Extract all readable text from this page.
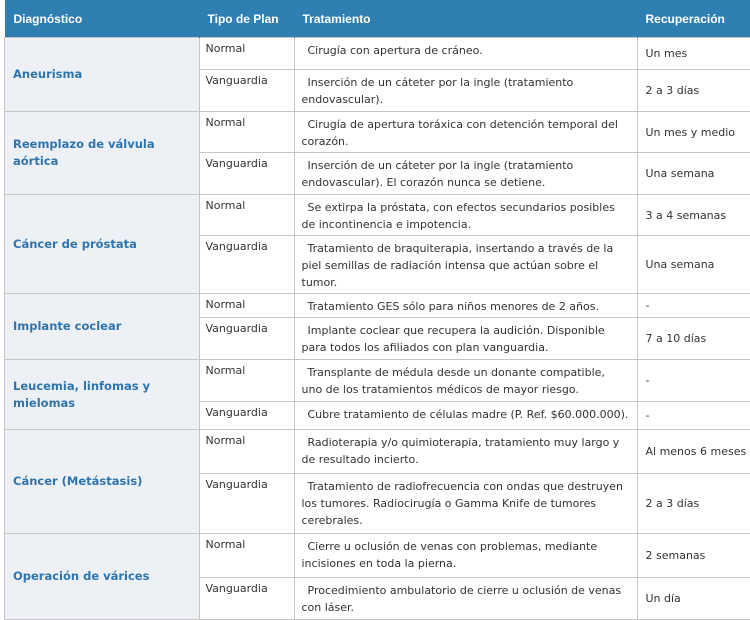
Diagnóstico	Tipo de Plan	Tratamiento	Recuperación
Aneurisma	Normal	Cirugía con apertura de cráneo.	Un mes
	Vanguardia	Inserción de un cáteter por la ingle (tratamiento endovascular).	2 a 3 días
Reemplazo de válvula aórtica	Normal	Cirugía de apertura toráxica con detención temporal del corazón.	Un mes y medio
	Vanguardia	Inserción de un cáteter por la ingle (tratamiento endovascular). El corazón nunca se detiene.	Una semana
Cáncer de próstata	Normal	Se extirpa la próstata, con efectos secundarios posibles de incontinencia e impotencia.	3 a 4 semanas
	Vanguardia	Tratamiento de braquiterapia, insertando a través de la piel semillas de radiación intensa que actúan sobre el tumor.	Una semana
Implante coclear	Normal	Tratamiento GES sólo para niños menores de 2 años.	-
	Vanguardia	Implante coclear que recupera la audición. Disponible para todos los afiliados con plan vanguardia.	7 a 10 días
Leucemia, linfomas y mielomas	Normal	Transplante de médula desde un donante compatible, uno de los tratamientos médicos de mayor riesgo.	-
	Vanguardia	Cubre tratamiento de células madre (P. Ref. $60.000.000).	-
Cáncer (Metástasis)	Normal	Radioterapia y/o quimioterapia, tratamiento muy largo y de resultado incierto.	Al menos 6 meses
	Vanguardia	Tratamiento de radiofrecuencia con ondas que destruyen los tumores. Radiocirugía o Gamma Knife de tumores cerebrales.	2 a 3 días
Operación de várices	Normal	Cierre u oclusión de venas con problemas, mediante incisiones en toda la pierna.	2 semanas
	Vanguardia	Procedimiento ambulatorio de cierre u oclusión de venas con láser.	Un día
